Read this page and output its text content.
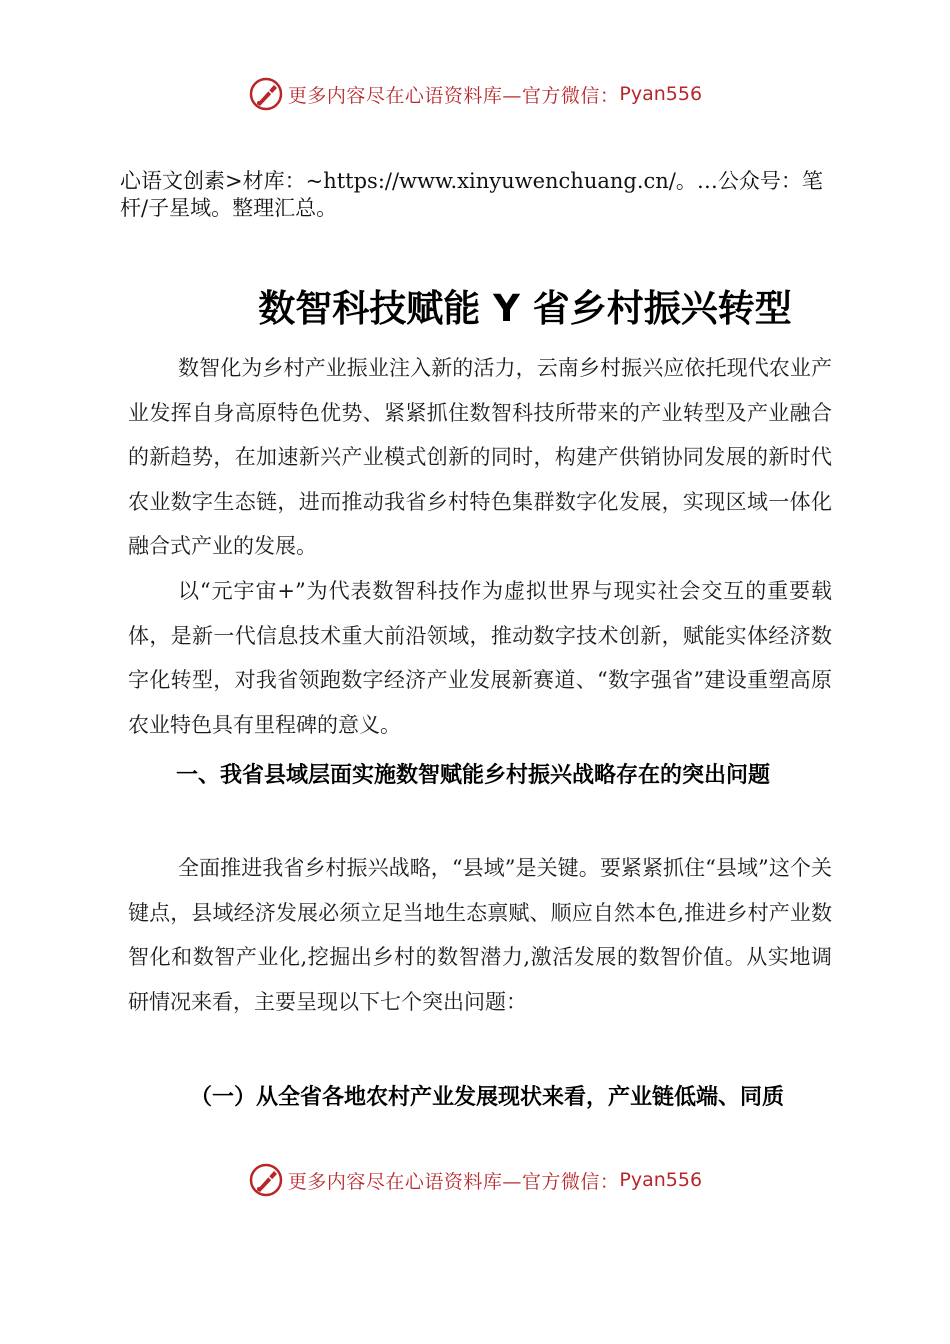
更多内容尽在心语资料库—官方微信： Pyan556
心语文创素>材库：~https://www.xinyuwenchuang.cn/。…公众号：笔杆/子星域。整理汇总。
数智科技赋能 Y 省乡村振兴转型

数智化为乡村产业振业注入新的活力，云南乡村振兴应依托现代农业产业发挥自身高原特色优势、紧紧抓住数智科技所带来的产业转型及产业融合的新趋势，在加速新兴产业模式创新的同时，构建产供销协同发展的新时代农业数字生态链，进而推动我省乡村特色集群数字化发展，实现区域一体化融合式产业的发展。

以“元宇宙+”为代表数智科技作为虚拟世界与现实社会交互的重要载体，是新一代信息技术重大前沿领域，推动数字技术创新，赋能实体经济数字化转型，对我省领跑数字经济产业发展新赛道、“数字强省”建设重塑高原农业特色具有里程碑的意义。

一、我省县域层面实施数智赋能乡村振兴战略存在的突出问题

全面推进我省乡村振兴战略，“县域”是关键。要紧紧抓住“县域”这个关键点，县域经济发展必须立足当地生态禀赋、顺应自然本色,推进乡村产业数智化和数智产业化,挖掘出乡村的数智潜力,激活发展的数智价值。从实地调研情况来看，主要呈现以下七个突出问题：

（一）从全省各地农村产业发展现状来看，产业链低端、同质

更多内容尽在心语资料库—官方微信： Pyan556
